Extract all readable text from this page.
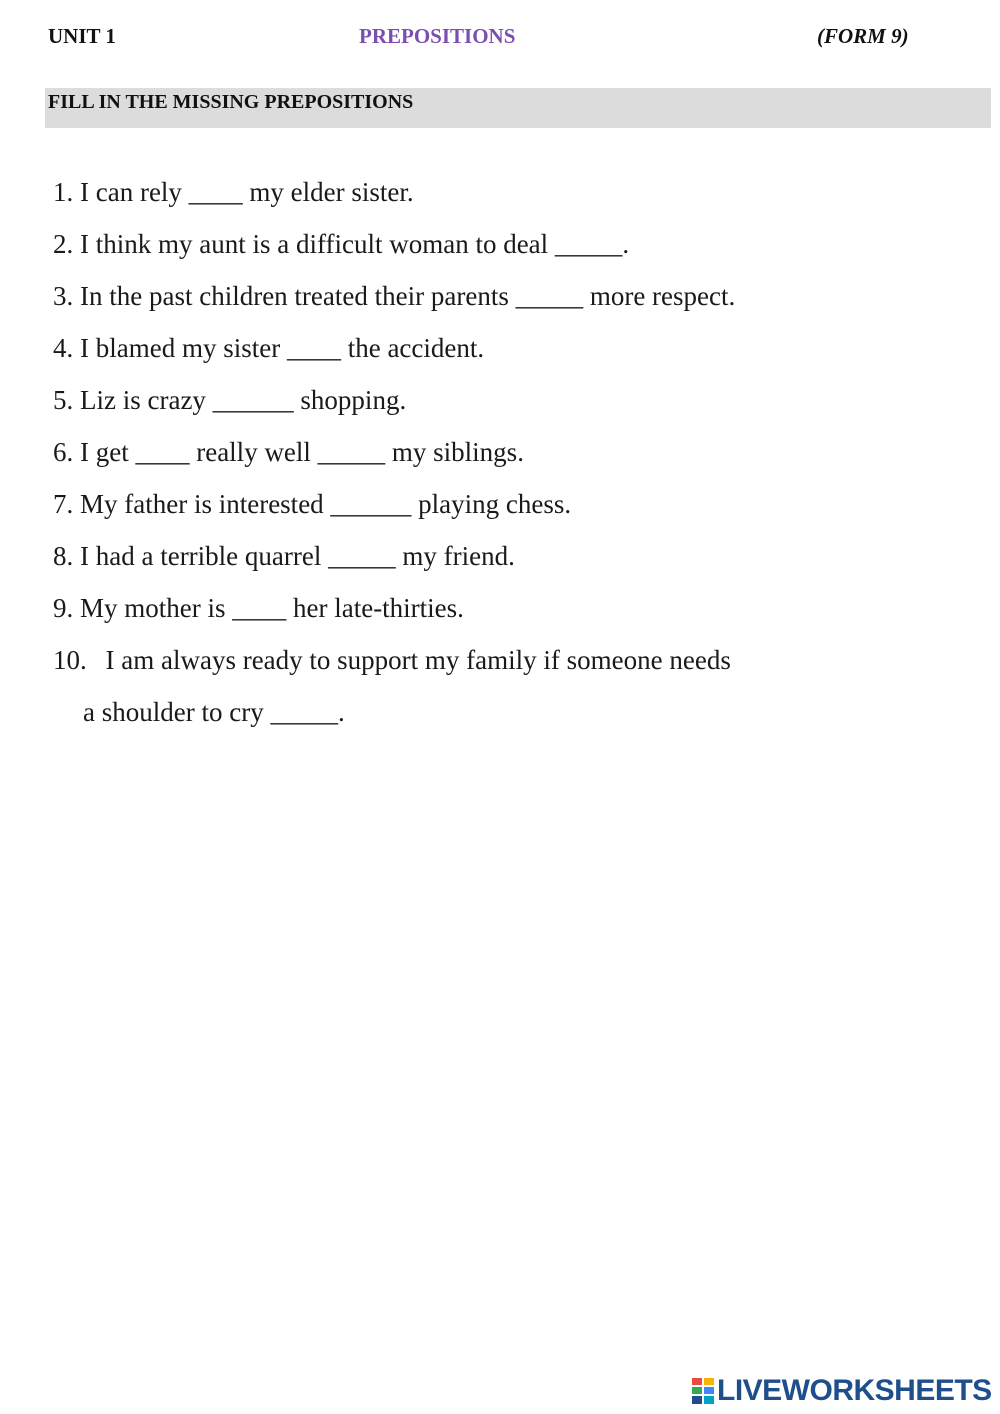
UNIT 1	PREPOSITIONS	(FORM 9)
FILL IN THE MISSING PREPOSITIONS
1. I can rely ____ my elder sister.
2. I think my aunt is a difficult woman to deal _____.
3. In the past children treated their parents _____ more respect.
4. I blamed my sister ____ the accident.
5. Liz is crazy ______ shopping.
6. I get ____ really well _____ my siblings.
7. My father is interested ______ playing chess.
8. I had a terrible quarrel _____ my friend.
9. My mother is ____ her late-thirties.
10. I am always ready to support my family if someone needs
a shoulder to cry _____.
LIVEWORKSHEETS
